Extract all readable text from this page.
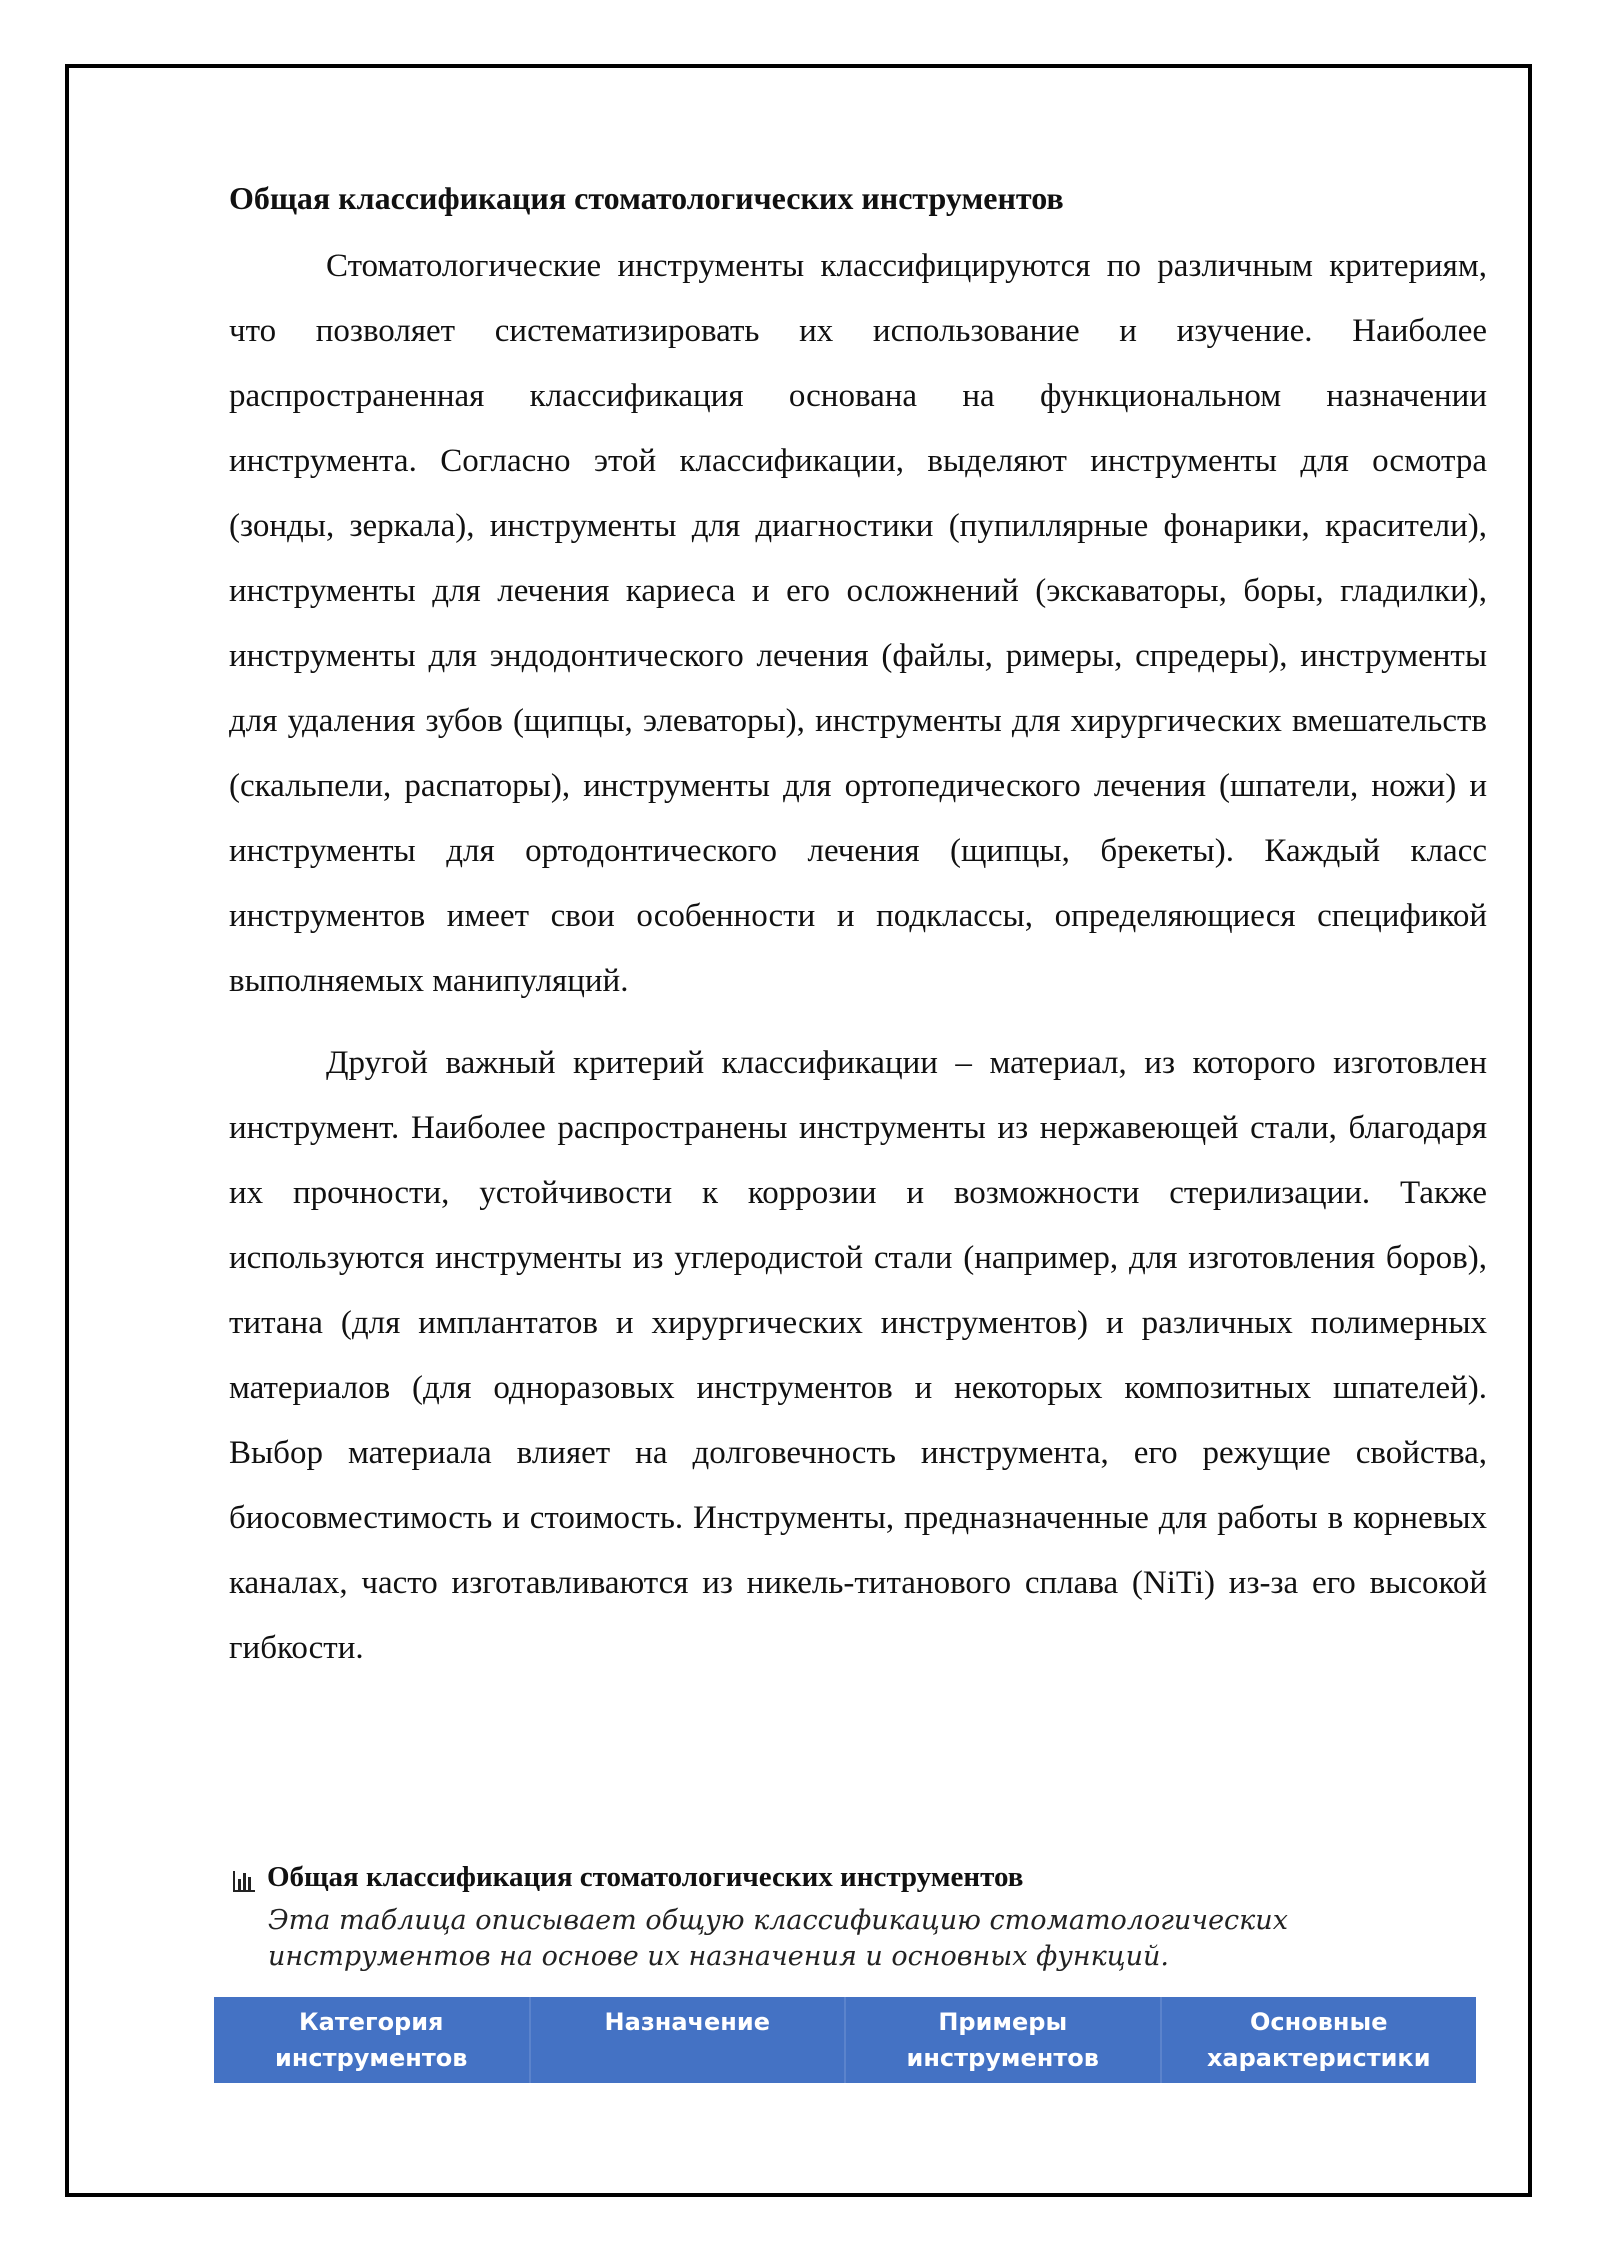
Общая классификация стоматологических инструментов

Стоматологические инструменты классифицируются по различным критериям, что позволяет систематизировать их использование и изучение. Наиболее распространенная классификация основана на функциональном назначении инструмента. Согласно этой классификации, выделяют инструменты для осмотра (зонды, зеркала), инструменты для диагностики (пупиллярные фонарики, красители), инструменты для лечения кариеса и его осложнений (экскаваторы, боры, гладилки), инструменты для эндодонтического лечения (файлы, римеры, спредеры), инструменты для удаления зубов (щипцы, элеваторы), инструменты для хирургических вмешательств (скальпели, распаторы), инструменты для ортопедического лечения (шпатели, ножи) и инструменты для ортодонтического лечения (щипцы, брекеты). Каждый класс инструментов имеет свои особенности и подклассы, определяющиеся спецификой выполняемых манипуляций.

Другой важный критерий классификации – материал, из которого изготовлен инструмент. Наиболее распространены инструменты из нержавеющей стали, благодаря их прочности, устойчивости к коррозии и возможности стерилизации. Также используются инструменты из углеродистой стали (например, для изготовления боров), титана (для имплантатов и хирургических инструментов) и различных полимерных материалов (для одноразовых инструментов и некоторых композитных шпателей). Выбор материала влияет на долговечность инструмента, его режущие свойства, биосовместимость и стоимость. Инструменты, предназначенные для работы в корневых каналах, часто изготавливаются из никель-титанового сплава (NiTi) из-за его высокой гибкости.

Общая классификация стоматологических инструментов
Эта таблица описывает общую классификацию стоматологических инструментов на основе их назначения и основных функций.
Категория инструментов	Назначение	Примеры инструментов	Основные характеристики
